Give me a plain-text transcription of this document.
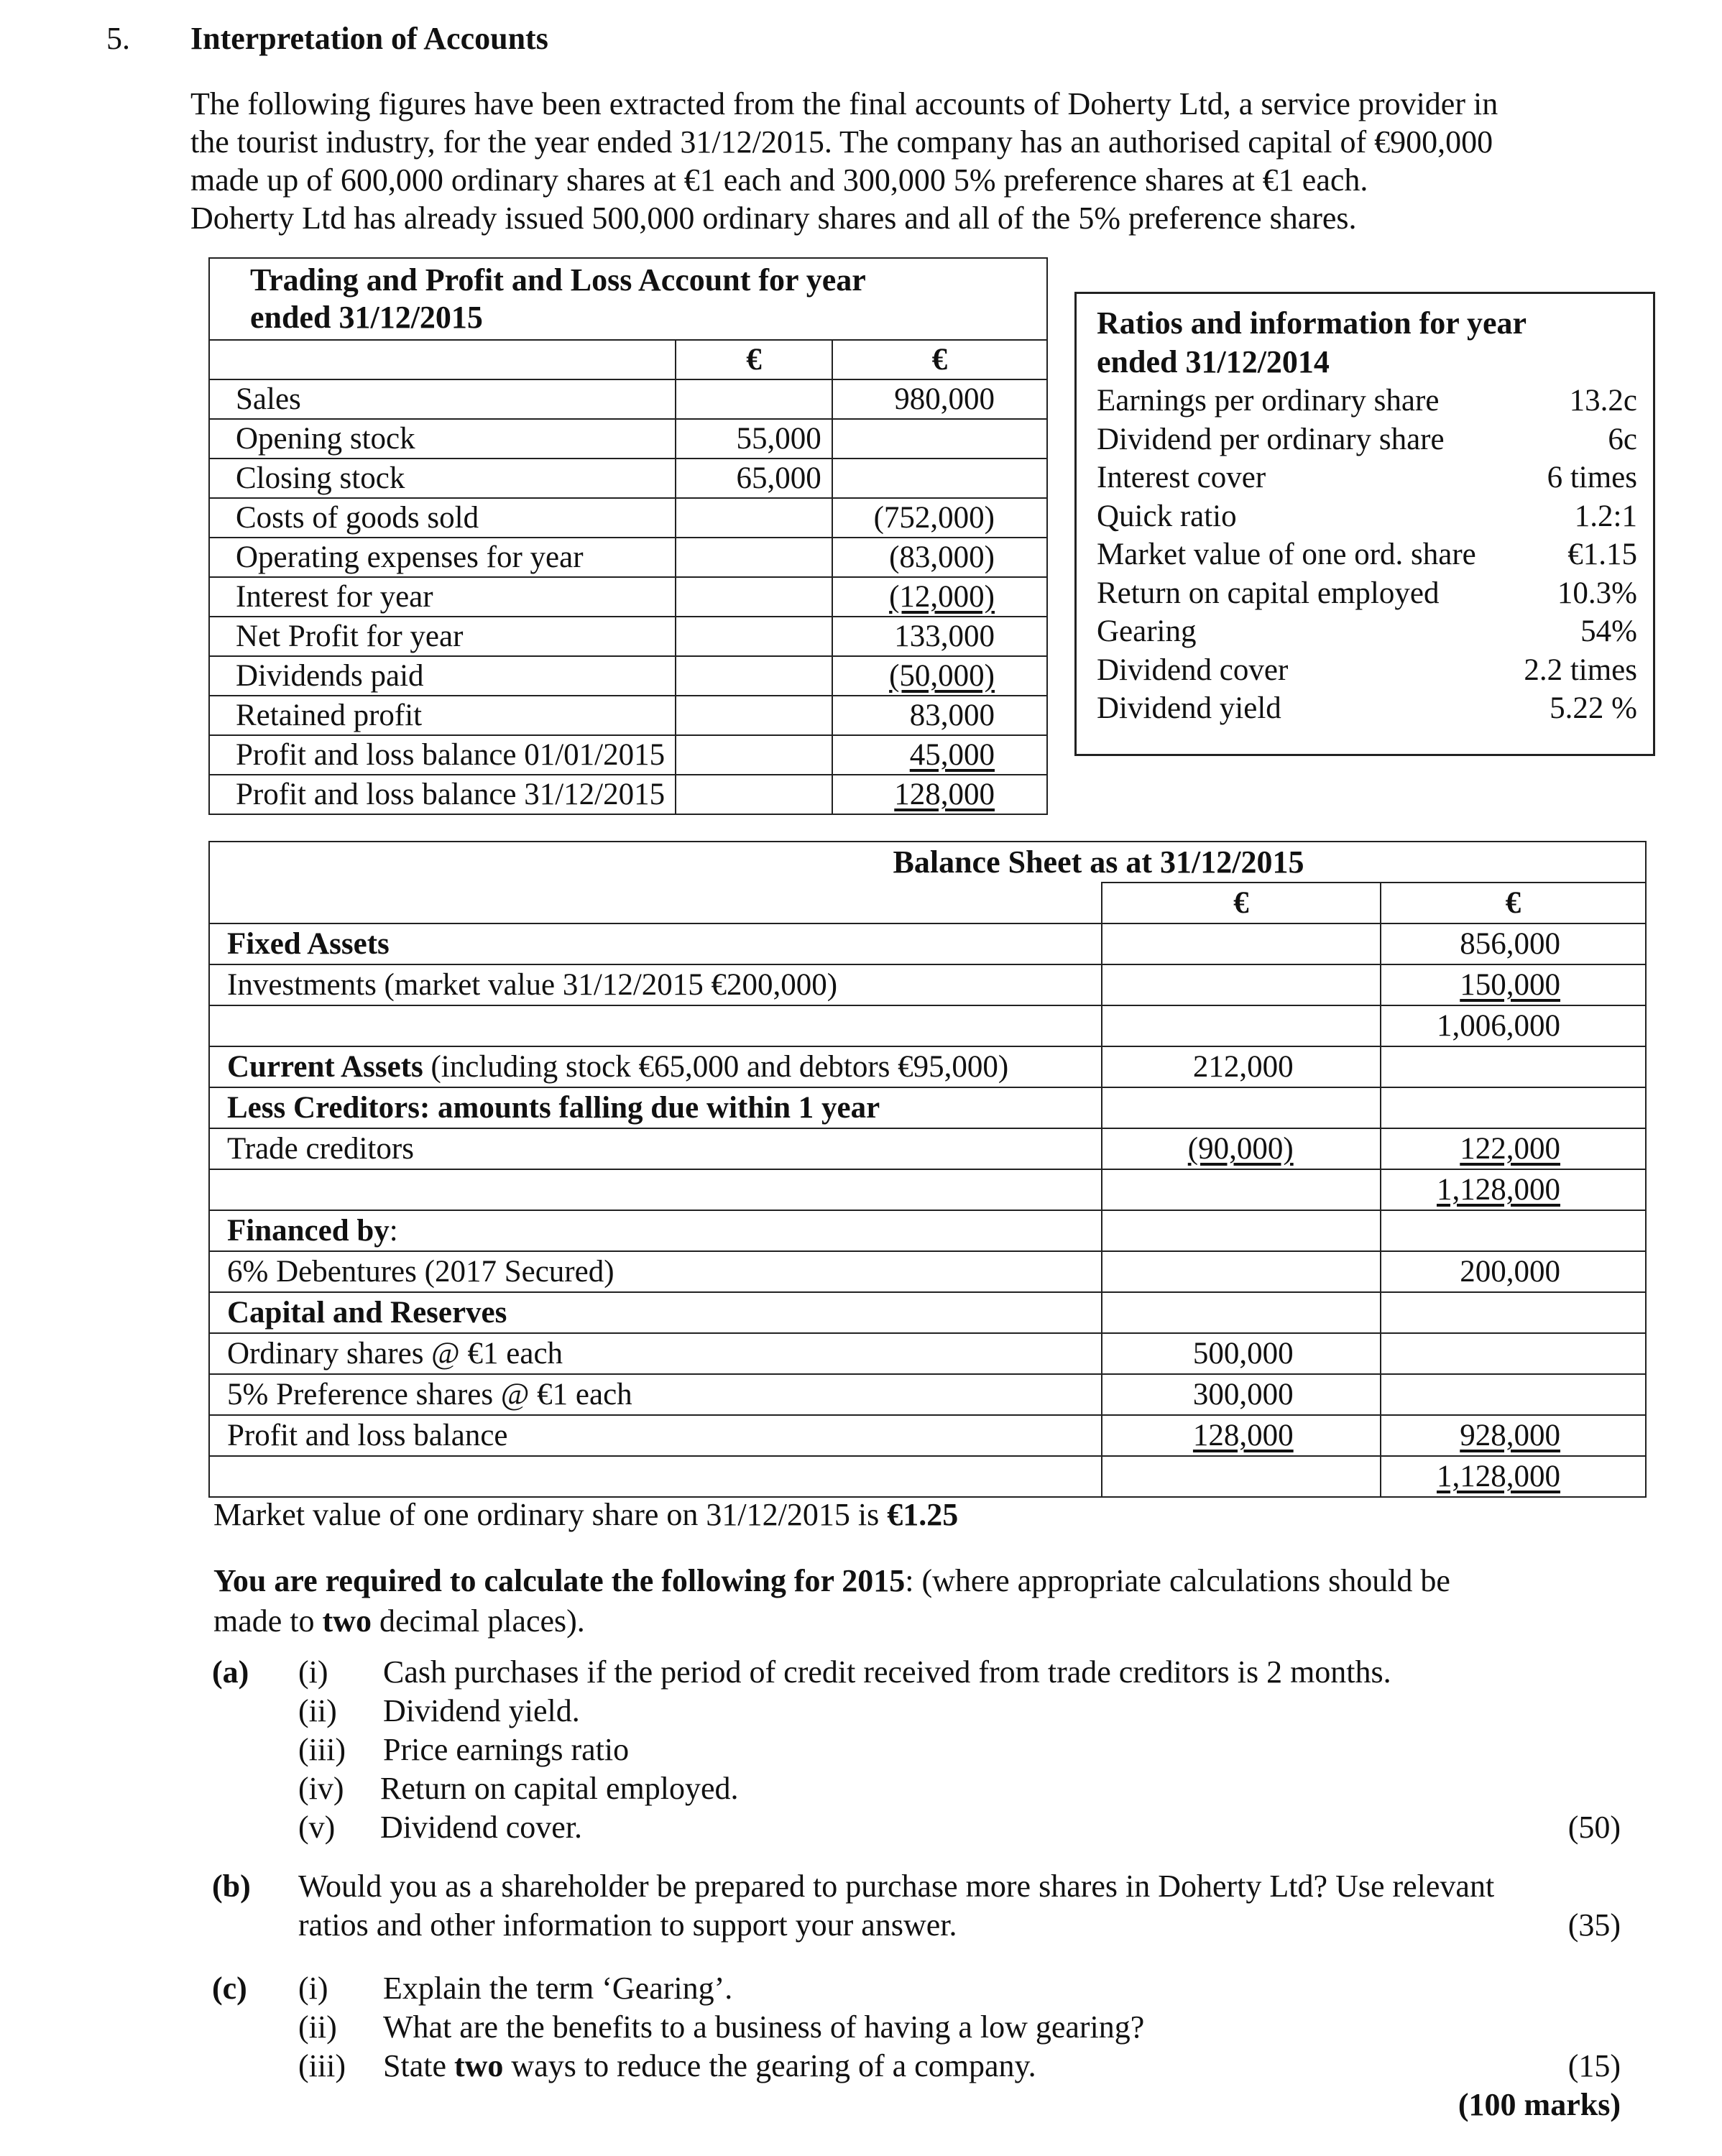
5. Interpretation of Accounts
The following figures have been extracted from the final accounts of Doherty Ltd, a service provider in
the tourist industry, for the year ended 31/12/2015. The company has an authorised capital of €900,000
made up of 600,000 ordinary shares at €1 each and 300,000 5% preference shares at €1 each.
Doherty Ltd has already issued 500,000 ordinary shares and all of the 5% preference shares.
Trading and Profit and Loss Account for year
ended 31/12/2015		

	€	€
Sales		980,000
Opening stock	55,000	
Closing stock	65,000	
Costs of goods sold		(752,000)
Operating expenses for year		(83,000)
Interest for year		(12,000)
Net Profit for year		133,000
Dividends paid		(50,000)
Retained profit		83,000
Profit and loss balance 01/01/2015		45,000
Profit and loss balance 31/12/2015		128,000
Ratios and information for year
ended 31/12/2014
Earnings per ordinary share	13.2c
Dividend per ordinary share	6c
Interest cover	6 times
Quick ratio	1.2:1
Market value of one ord. share	€1.15
Return on capital employed	10.3%
Gearing	54%
Dividend cover	2.2 times
Dividend yield	5.22 %
Balance Sheet as at 31/12/2015		
	€	€
Fixed Assets		856,000
Investments (market value 31/12/2015 €200,000)		150,000
		1,006,000
Current Assets (including stock €65,000 and debtors €95,000)	212,000	
Less Creditors: amounts falling due within 1 year		
Trade creditors	(90,000)	122,000
		1,128,000
Financed by:		
6% Debentures (2017 Secured)		200,000
Capital and Reserves		
Ordinary shares @ €1 each	500,000	
5% Preference shares @ €1 each	300,000	
Profit and loss balance	128,000	928,000
		1,128,000
Market value of one ordinary share on 31/12/2015 is €1.25
You are required to calculate the following for 2015: (where appropriate calculations should be
made to two decimal places).
(a) (i) Cash purchases if the period of credit received from trade creditors is 2 months.
(ii) Dividend yield.
(iii) Price earnings ratio
(iv) Return on capital employed.
(v) Dividend cover.	(50)
(b) Would you as a shareholder be prepared to purchase more shares in Doherty Ltd? Use relevant
ratios and other information to support your answer.	(35)
(c) (i) Explain the term ‘Gearing’.
(ii) What are the benefits to a business of having a low gearing?
(iii) State two ways to reduce the gearing of a company.	(15)
(100 marks)
